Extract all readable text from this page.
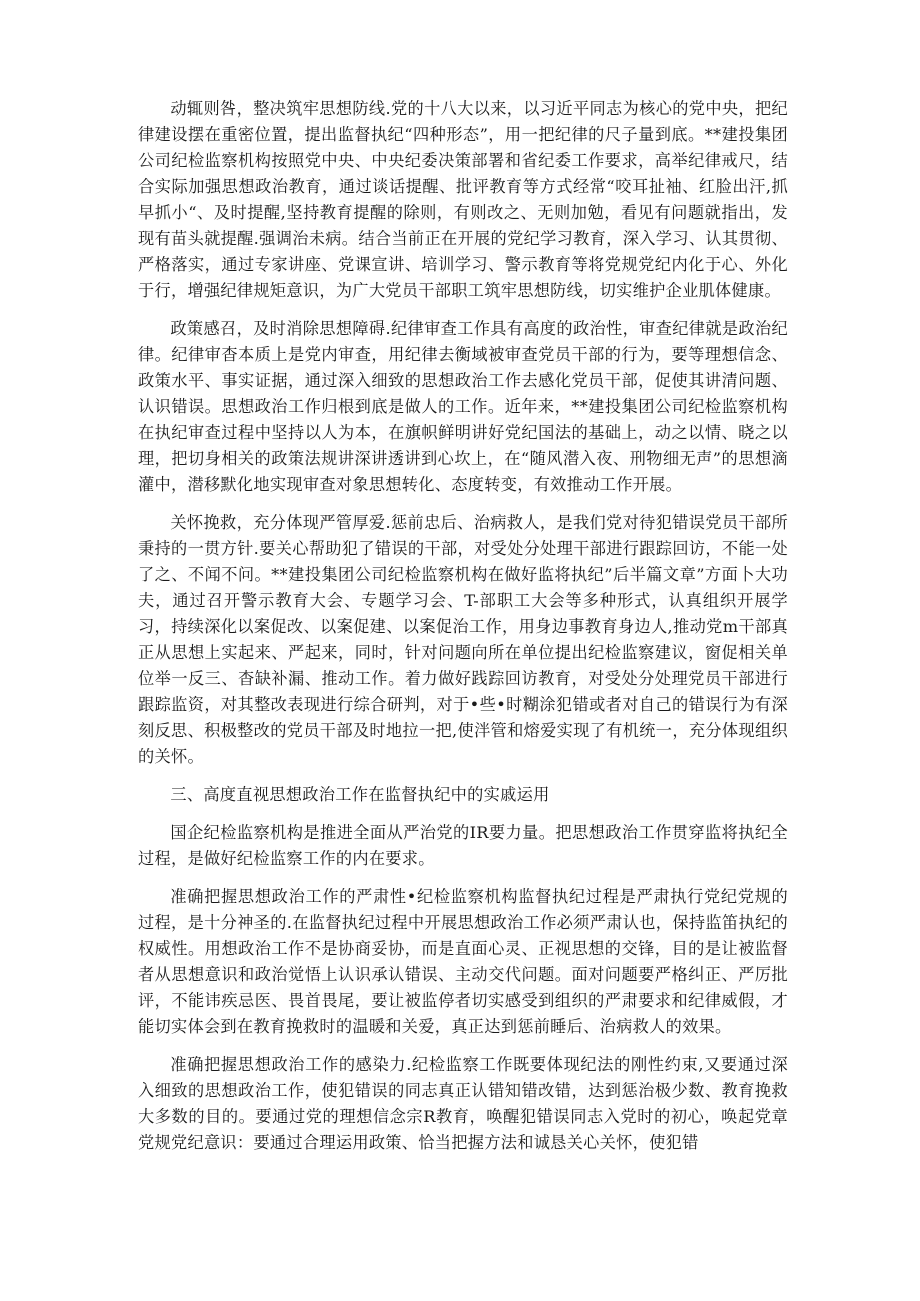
动辄则咎，整决筑牢思想防线.党的十八大以来，以习近平同志为核心的党中央，把纪律建设摆在重密位置，提出监督执纪“四种形态”，用一把纪律的尺子量到底。**建投集团公司纪检监察机构按照党中央、中央纪委决策部署和省纪委工作要求，高举纪律戒尺，结合实际加强思想政治教育，通过谈话提醒、批评教育等方式经常“咬耳扯袖、红脸出汗,抓早抓小“、及时提醒,坚持教育提醒的除则，有则改之、无则加勉，看见有问题就指出，发现有苗头就提醒.强调治未病。结合当前正在开展的党纪学习教育，深入学习、认其贯彻、严格落实，通过专家讲座、党课宣讲、培训学习、警示教育等将党规党纪内化于心、外化于行，增强纪律规矩意识，为广大党员干部职工筑牢思想防线，切实维护企业肌体健康。

政策感召，及时消除思想障碍.纪律审查工作具有高度的政治性，审查纪律就是政治纪律。纪律审杳本质上是党内审查，用纪律去衡域被审查党员干部的行为，要等理想信念、政策水平、事实证据，通过深入细致的思想政治工作去感化党员干部，促使其讲清问题、认识错误。思想政治工作归根到底是做人的工作。近年来，**建投集团公司纪检监察机构在执纪审查过程中坚持以人为本，在旗帜鲜明讲好党纪国法的基础上，动之以情、晓之以理，把切身相关的政策法规讲深讲透讲到心坎上，在“随风潜入夜、刑物细无声”的思想滴灌中，潜移默化地实现审查对象思想转化、态度转变，有效推动工作开展。

关怀挽救，充分体现严管厚爱.惩前忠后、治病救人，是我们党对待犯错误党员干部所秉持的一贯方针.要关心帮助犯了错误的干部，对受处分处理干部进行跟踪回访，不能一处了之、不闻不问。**建投集团公司纪检监察机构在做好监将执纪”后半篇文章”方面卜大功夫，通过召开警示教育大会、专题学习会、T-部职工大会等多种形式，认真组织开展学习，持续深化以案促改、以案促建、以案促治工作，用身边事教育身边人,推动党m干部真正从思想上实起来、严起来，同时，针对问题向所在单位提出纪检监察建议，窗促相关单位举一反三、杳缺补漏、推动工作。着力做好践踪回访教育，对受处分处理党员干部进行跟踪监资，对其整改表现进行综合研判，对于•些•时糊涂犯错或者对自己的错误行为有深刻反思、积极整改的党员干部及时地拉一把,使泮管和熔爱实现了有机统一，充分体现组织的关怀。

三、高度直视思想政治工作在监督执纪中的实戚运用

国企纪检监察机构是推进全面从严治党的IR要力量。把思想政治工作贯穿监将执纪全过程，是做好纪检监察工作的内在要求。

准确把握思想政治工作的严肃性•纪检监察机构监督执纪过程是严肃执行党纪党规的过程，是十分神圣的.在监督执纪过程中开展思想政治工作必须严肃认也，保持监笛执纪的权威性。用想政治工作不是协商妥协，而是直面心灵、正视思想的交锋，目的是让被监督者从思想意识和政治觉悟上认识承认错误、主动交代问题。面对问题要严格纠正、严厉批评，不能讳疾忌医、畏首畏尾，要让被监停者切实感受到组织的严肃要求和纪律威假，才能切实体会到在教育挽救时的温暖和关爱，真正达到惩前睡后、治病救人的效果。

准确把握思想政治工作的感染力.纪检监察工作既要体现纪法的刚性约束,又要通过深入细致的思想政治工作，使犯错误的同志真正认错知错改错，达到惩治极少数、教育挽救大多数的目的。要通过党的理想信念宗R教育，唤醒犯错误同志入党时的初心，唤起党章党规党纪意识：要通过合理运用政策、恰当把握方法和诚恳关心关怀，使犯错
